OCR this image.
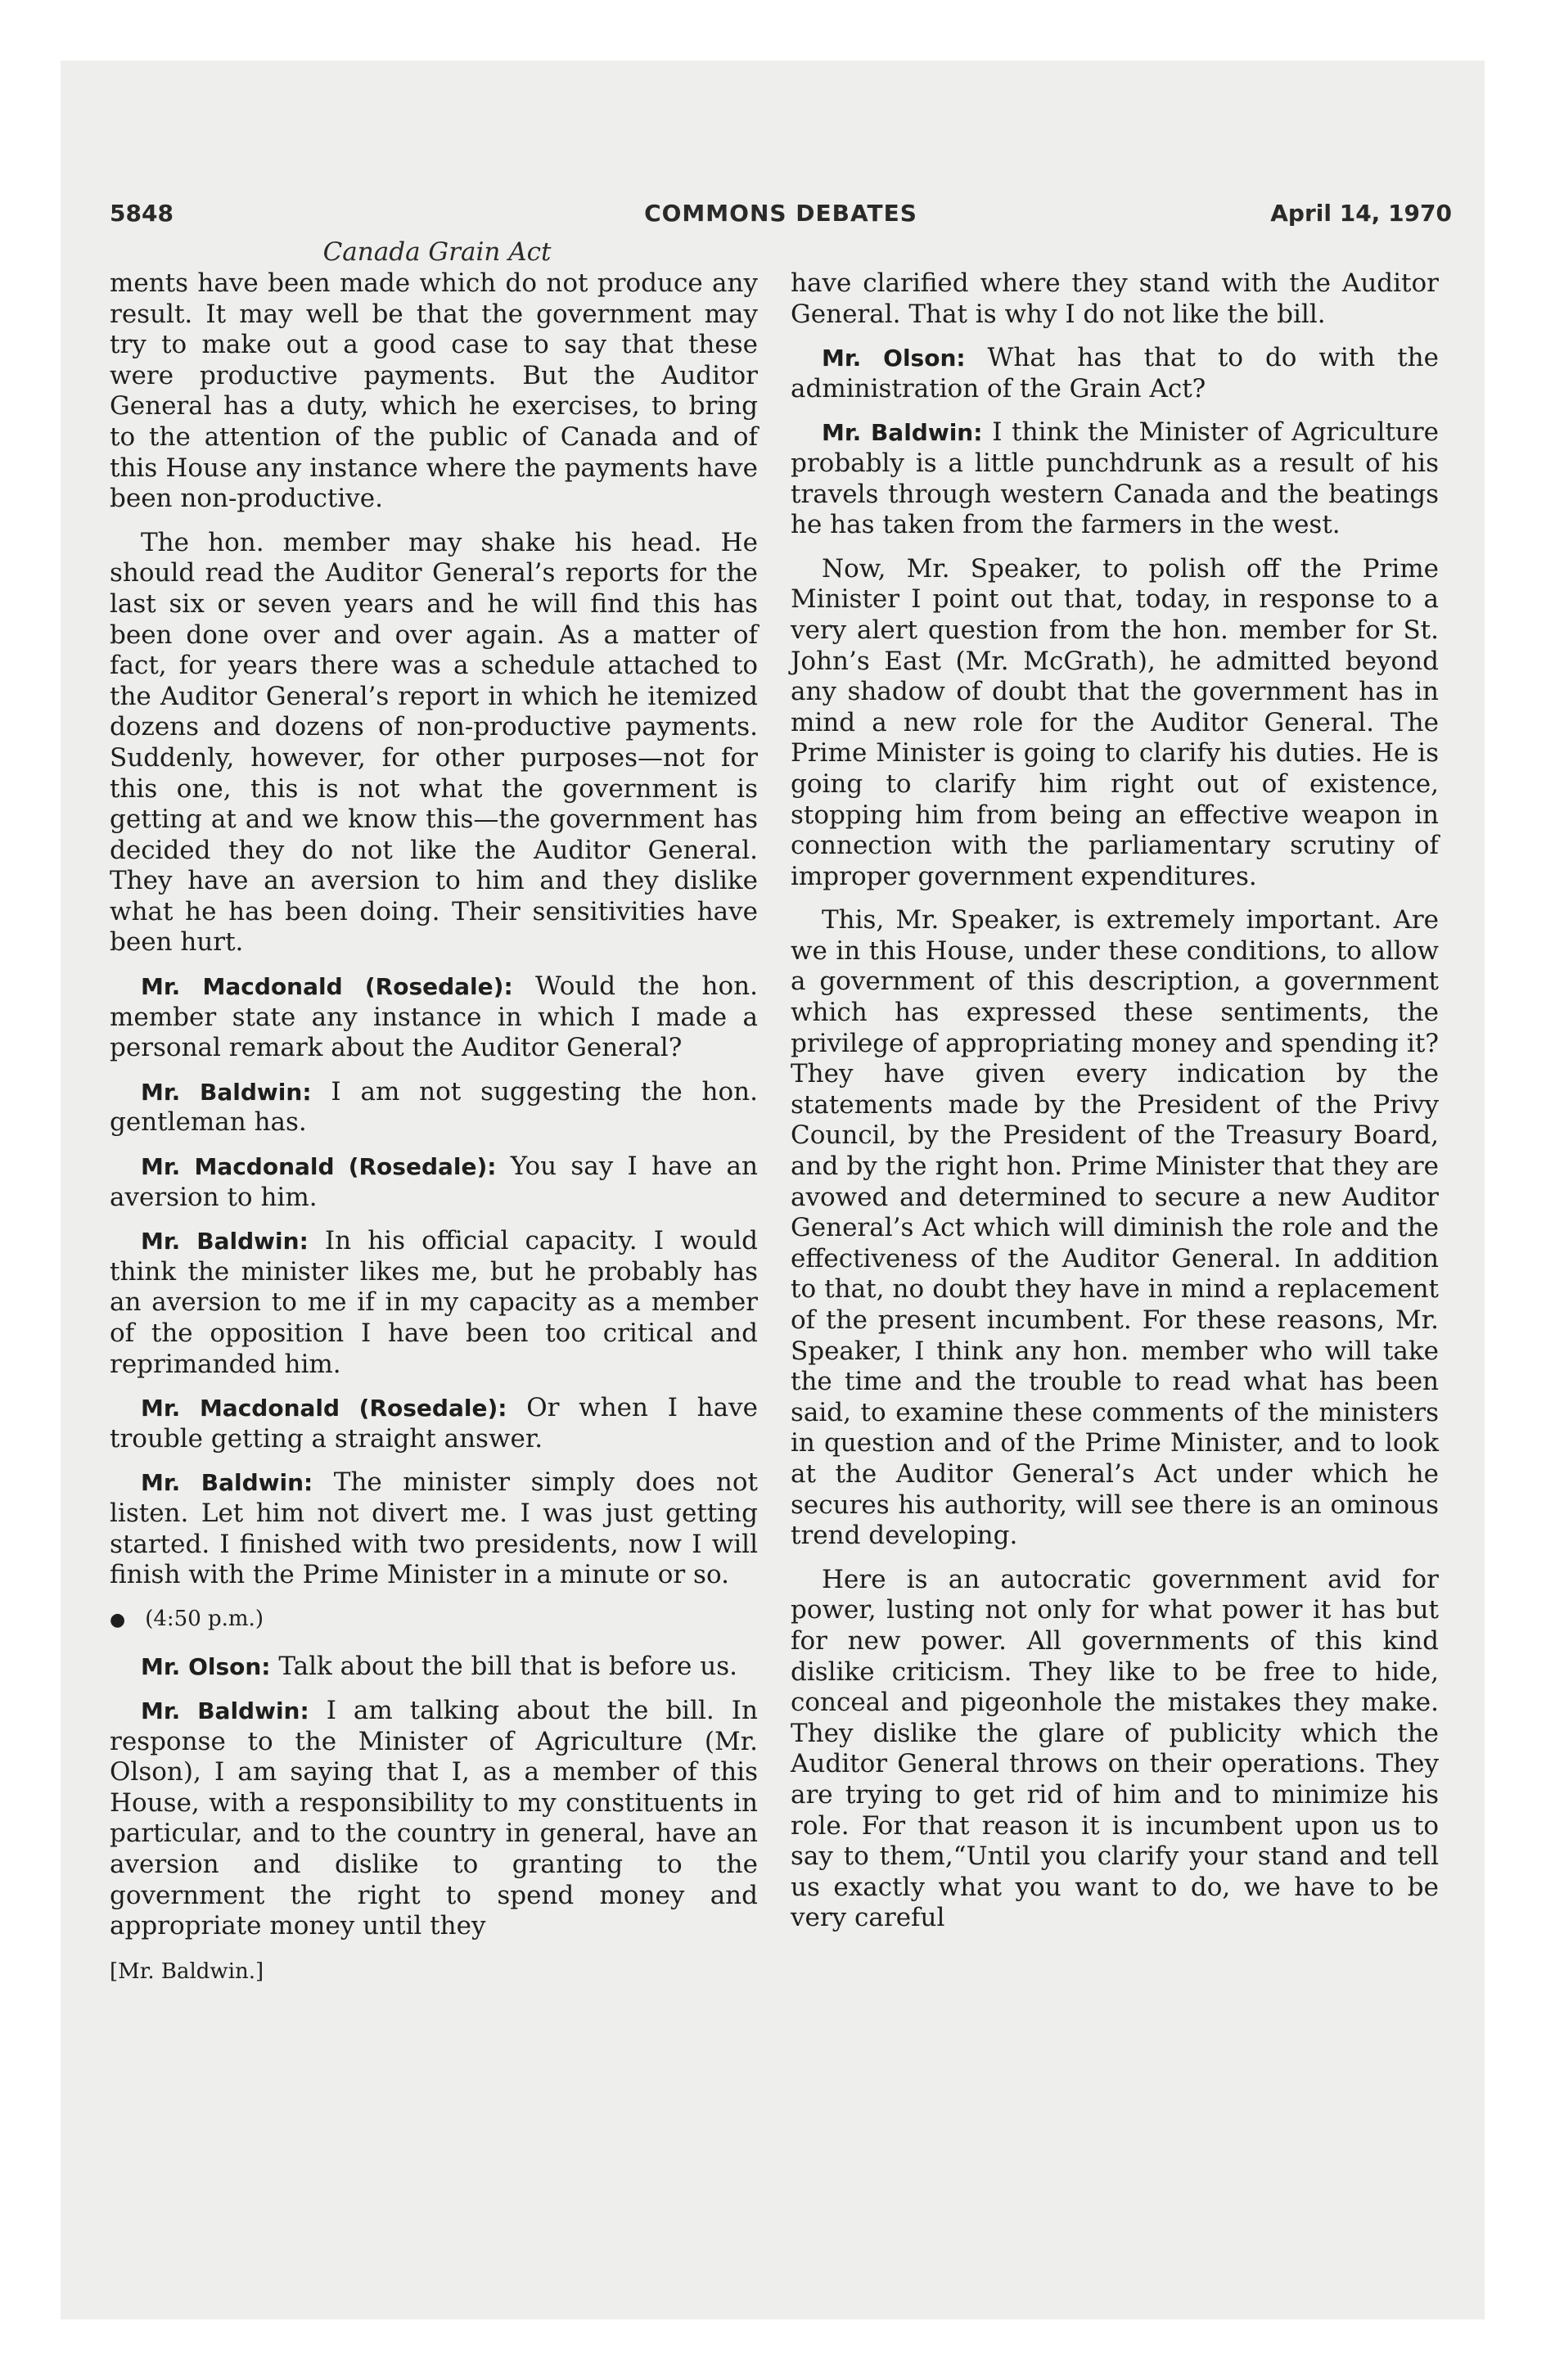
5848	COMMONS DEBATES	April 14, 1970
Canada Grain Act

ments have been made which do not produce any result. It may well be that the government may try to make out a good case to say that these were productive payments. But the Auditor General has a duty, which he exercises, to bring to the attention of the public of Canada and of this House any instance where the payments have been non-productive.

The hon. member may shake his head. He should read the Auditor General’s reports for the last six or seven years and he will find this has been done over and over again. As a matter of fact, for years there was a schedule attached to the Auditor General’s report in which he itemized dozens and dozens of non-productive payments. Suddenly, however, for other purposes—not for this one, this is not what the government is getting at and we know this—the government has decided they do not like the Auditor General. They have an aversion to him and they dislike what he has been doing. Their sensitivities have been hurt.

Mr. Macdonald (Rosedale): Would the hon. member state any instance in which I made a personal remark about the Auditor General?

Mr. Baldwin: I am not suggesting the hon. gentleman has.

Mr. Macdonald (Rosedale): You say I have an aversion to him.

Mr. Baldwin: In his official capacity. I would think the minister likes me, but he probably has an aversion to me if in my capacity as a member of the opposition I have been too critical and reprimanded him.

Mr. Macdonald (Rosedale): Or when I have trouble getting a straight answer.

Mr. Baldwin: The minister simply does not listen. Let him not divert me. I was just getting started. I finished with two presidents, now I will finish with the Prime Minister in a minute or so.

● (4:50 p.m.)

Mr. Olson: Talk about the bill that is before us.

Mr. Baldwin: I am talking about the bill. In response to the Minister of Agriculture (Mr. Olson), I am saying that I, as a member of this House, with a responsibility to my constituents in particular, and to the country in general, have an aversion and dislike to granting to the government the right to spend money and appropriate money until they

[Mr. Baldwin.]

have clarified where they stand with the Auditor General. That is why I do not like the bill.

Mr. Olson: What has that to do with the administration of the Grain Act?

Mr. Baldwin: I think the Minister of Agriculture probably is a little punchdrunk as a result of his travels through western Canada and the beatings he has taken from the farmers in the west.

Now, Mr. Speaker, to polish off the Prime Minister I point out that, today, in response to a very alert question from the hon. member for St. John’s East (Mr. McGrath), he admitted beyond any shadow of doubt that the government has in mind a new role for the Auditor General. The Prime Minister is going to clarify his duties. He is going to clarify him right out of existence, stopping him from being an effective weapon in connection with the parliamentary scrutiny of improper government expenditures.

This, Mr. Speaker, is extremely important. Are we in this House, under these conditions, to allow a government of this description, a government which has expressed these sentiments, the privilege of appropriating money and spending it? They have given every indication by the statements made by the President of the Privy Council, by the President of the Treasury Board, and by the right hon. Prime Minister that they are avowed and determined to secure a new Auditor General’s Act which will diminish the role and the effectiveness of the Auditor General. In addition to that, no doubt they have in mind a replacement of the present incumbent. For these reasons, Mr. Speaker, I think any hon. member who will take the time and the trouble to read what has been said, to examine these comments of the ministers in question and of the Prime Minister, and to look at the Auditor General’s Act under which he secures his authority, will see there is an ominous trend developing.

Here is an autocratic government avid for power, lusting not only for what power it has but for new power. All governments of this kind dislike criticism. They like to be free to hide, conceal and pigeonhole the mistakes they make. They dislike the glare of publicity which the Auditor General throws on their operations. They are trying to get rid of him and to minimize his role. For that reason it is incumbent upon us to say to them,“Until you clarify your stand and tell us exactly what you want to do, we have to be very careful
